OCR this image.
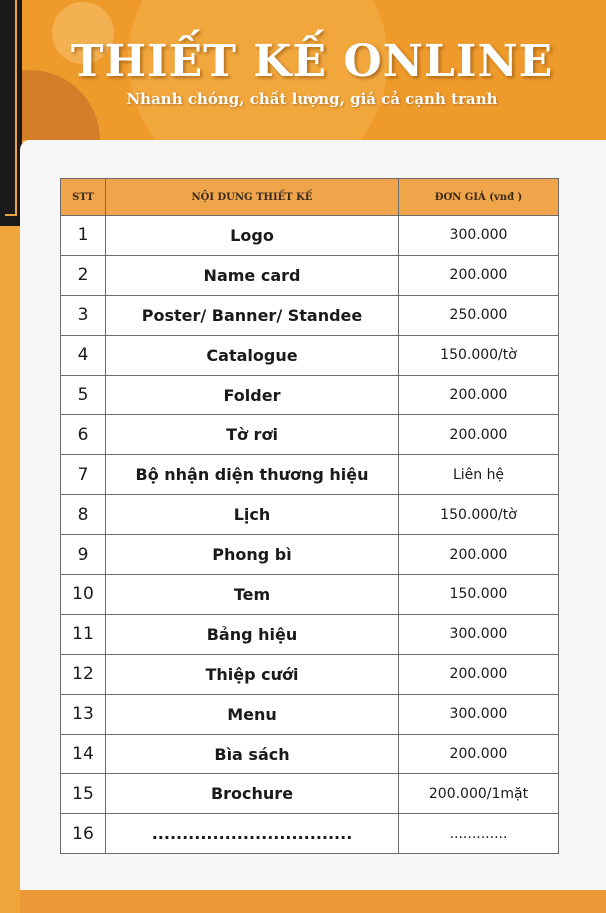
THIẾT KẾ ONLINE
Nhanh chóng, chất lượng, giá cả cạnh tranh
STT	NỘI DUNG THIẾT KẾ	ĐƠN GIÁ (vnđ )
1	Logo	300.000
2	Name card	200.000
3	Poster/ Banner/ Standee	250.000
4	Catalogue	150.000/tờ
5	Folder	200.000
6	Tờ rơi	200.000
7	Bộ nhận diện thương hiệu	Liên hệ
8	Lịch	150.000/tờ
9	Phong bì	200.000
10	Tem	150.000
11	Bảng hiệu	300.000
12	Thiệp cưới	200.000
13	Menu	300.000
14	Bìa sách	200.000
15	Brochure	200.000/1mặt
16	.................................	.............
